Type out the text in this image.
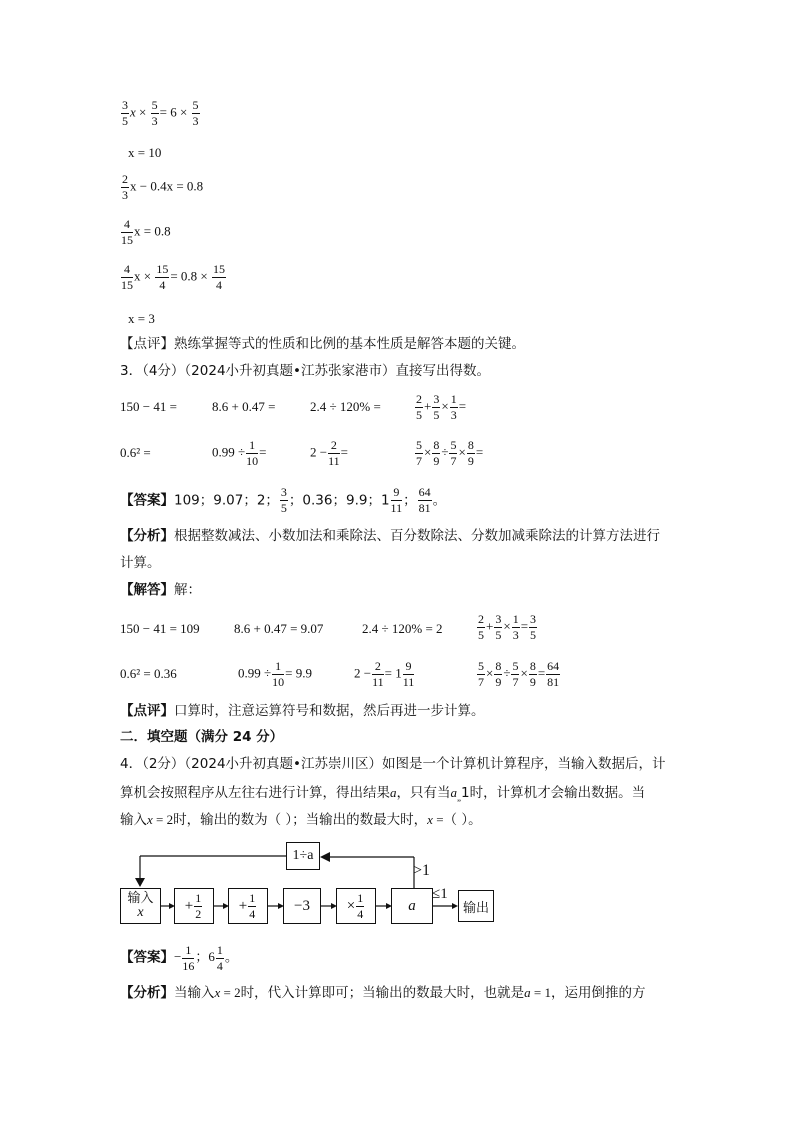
$\frac{3}{5}$ $x \times \frac{5}{3} = 6 \times \frac{5}{3}$
x = 10
$\frac{2}{3}$ x − 0.4x = 0.8
$\frac{4}{15}$ x = 0.8
$\frac{4}{15}$ $x \times \frac{15}{4} = 0.8 \times \frac{15}{4}$
x = 3
【点评】熟练掌握等式的性质和比例的基本性质是解答本题的关键。
3．（4分）（2024小升初真题•江苏张家港市）直接写出得数。
150 − 41 =	8.6 + 0.47 =	2.4 ÷ 120% =	$\frac{2}{5} + \frac{3}{5} \times \frac{1}{3}$ =
0.6² =	$0.99 \div \frac{1}{10}$ =	$2 - \frac{2}{11}$ =	$\frac{5}{7} \times \frac{8}{9} \div \frac{5}{7} \times \frac{8}{9}$ =
【答案】109；9.07；2； $\frac{3}{5}$ ；0.36；9.9；$1 \frac{9}{11}$ ； $\frac{64}{81}$ 。
【分析】根据整数减法、小数加法和乘除法、百分数除法、分数加减乘除法的计算方法进行
计算。
【解答】解：
150 − 41 = 109	8.6 + 0.47 = 9.07	2.4 ÷ 120% = 2	$\frac{2}{5} + \frac{3}{5} \times \frac{1}{3} = \frac{3}{5}$
0.6² = 0.36	$0.99 \div \frac{1}{10} = 9.9$	$2 - \frac{2}{11} = 1 \frac{9}{11}$	$\frac{5}{7} \times \frac{8}{9} \div \frac{5}{7} \times \frac{8}{9} = \frac{64}{81}$
【点评】口算时，注意运算符号和数据，然后再进一步计算。
二．填空题（满分 24 分）
4．（2分）（2024小升初真题•江苏崇川区）如图是一个计算机计算程序，当输入数据后，计
算机会按照程序从左往右进行计算，得出结果a，只有当$a_„1$时，计算机才会输出数据。当
输入x = 2时，输出的数为（ ）；当输出的数最大时，x =（ ）。
1÷a
>1
≤1
输入
x	+ 1
2	+ 1
4	−3	× 1
4	a	输出
【答案】− $\frac{1}{16}$ ；$6 \frac{1}{4}$ 。
【分析】当输入x = 2时，代入计算即可；当输出的数最大时，也就是a = 1，运用倒推的方
